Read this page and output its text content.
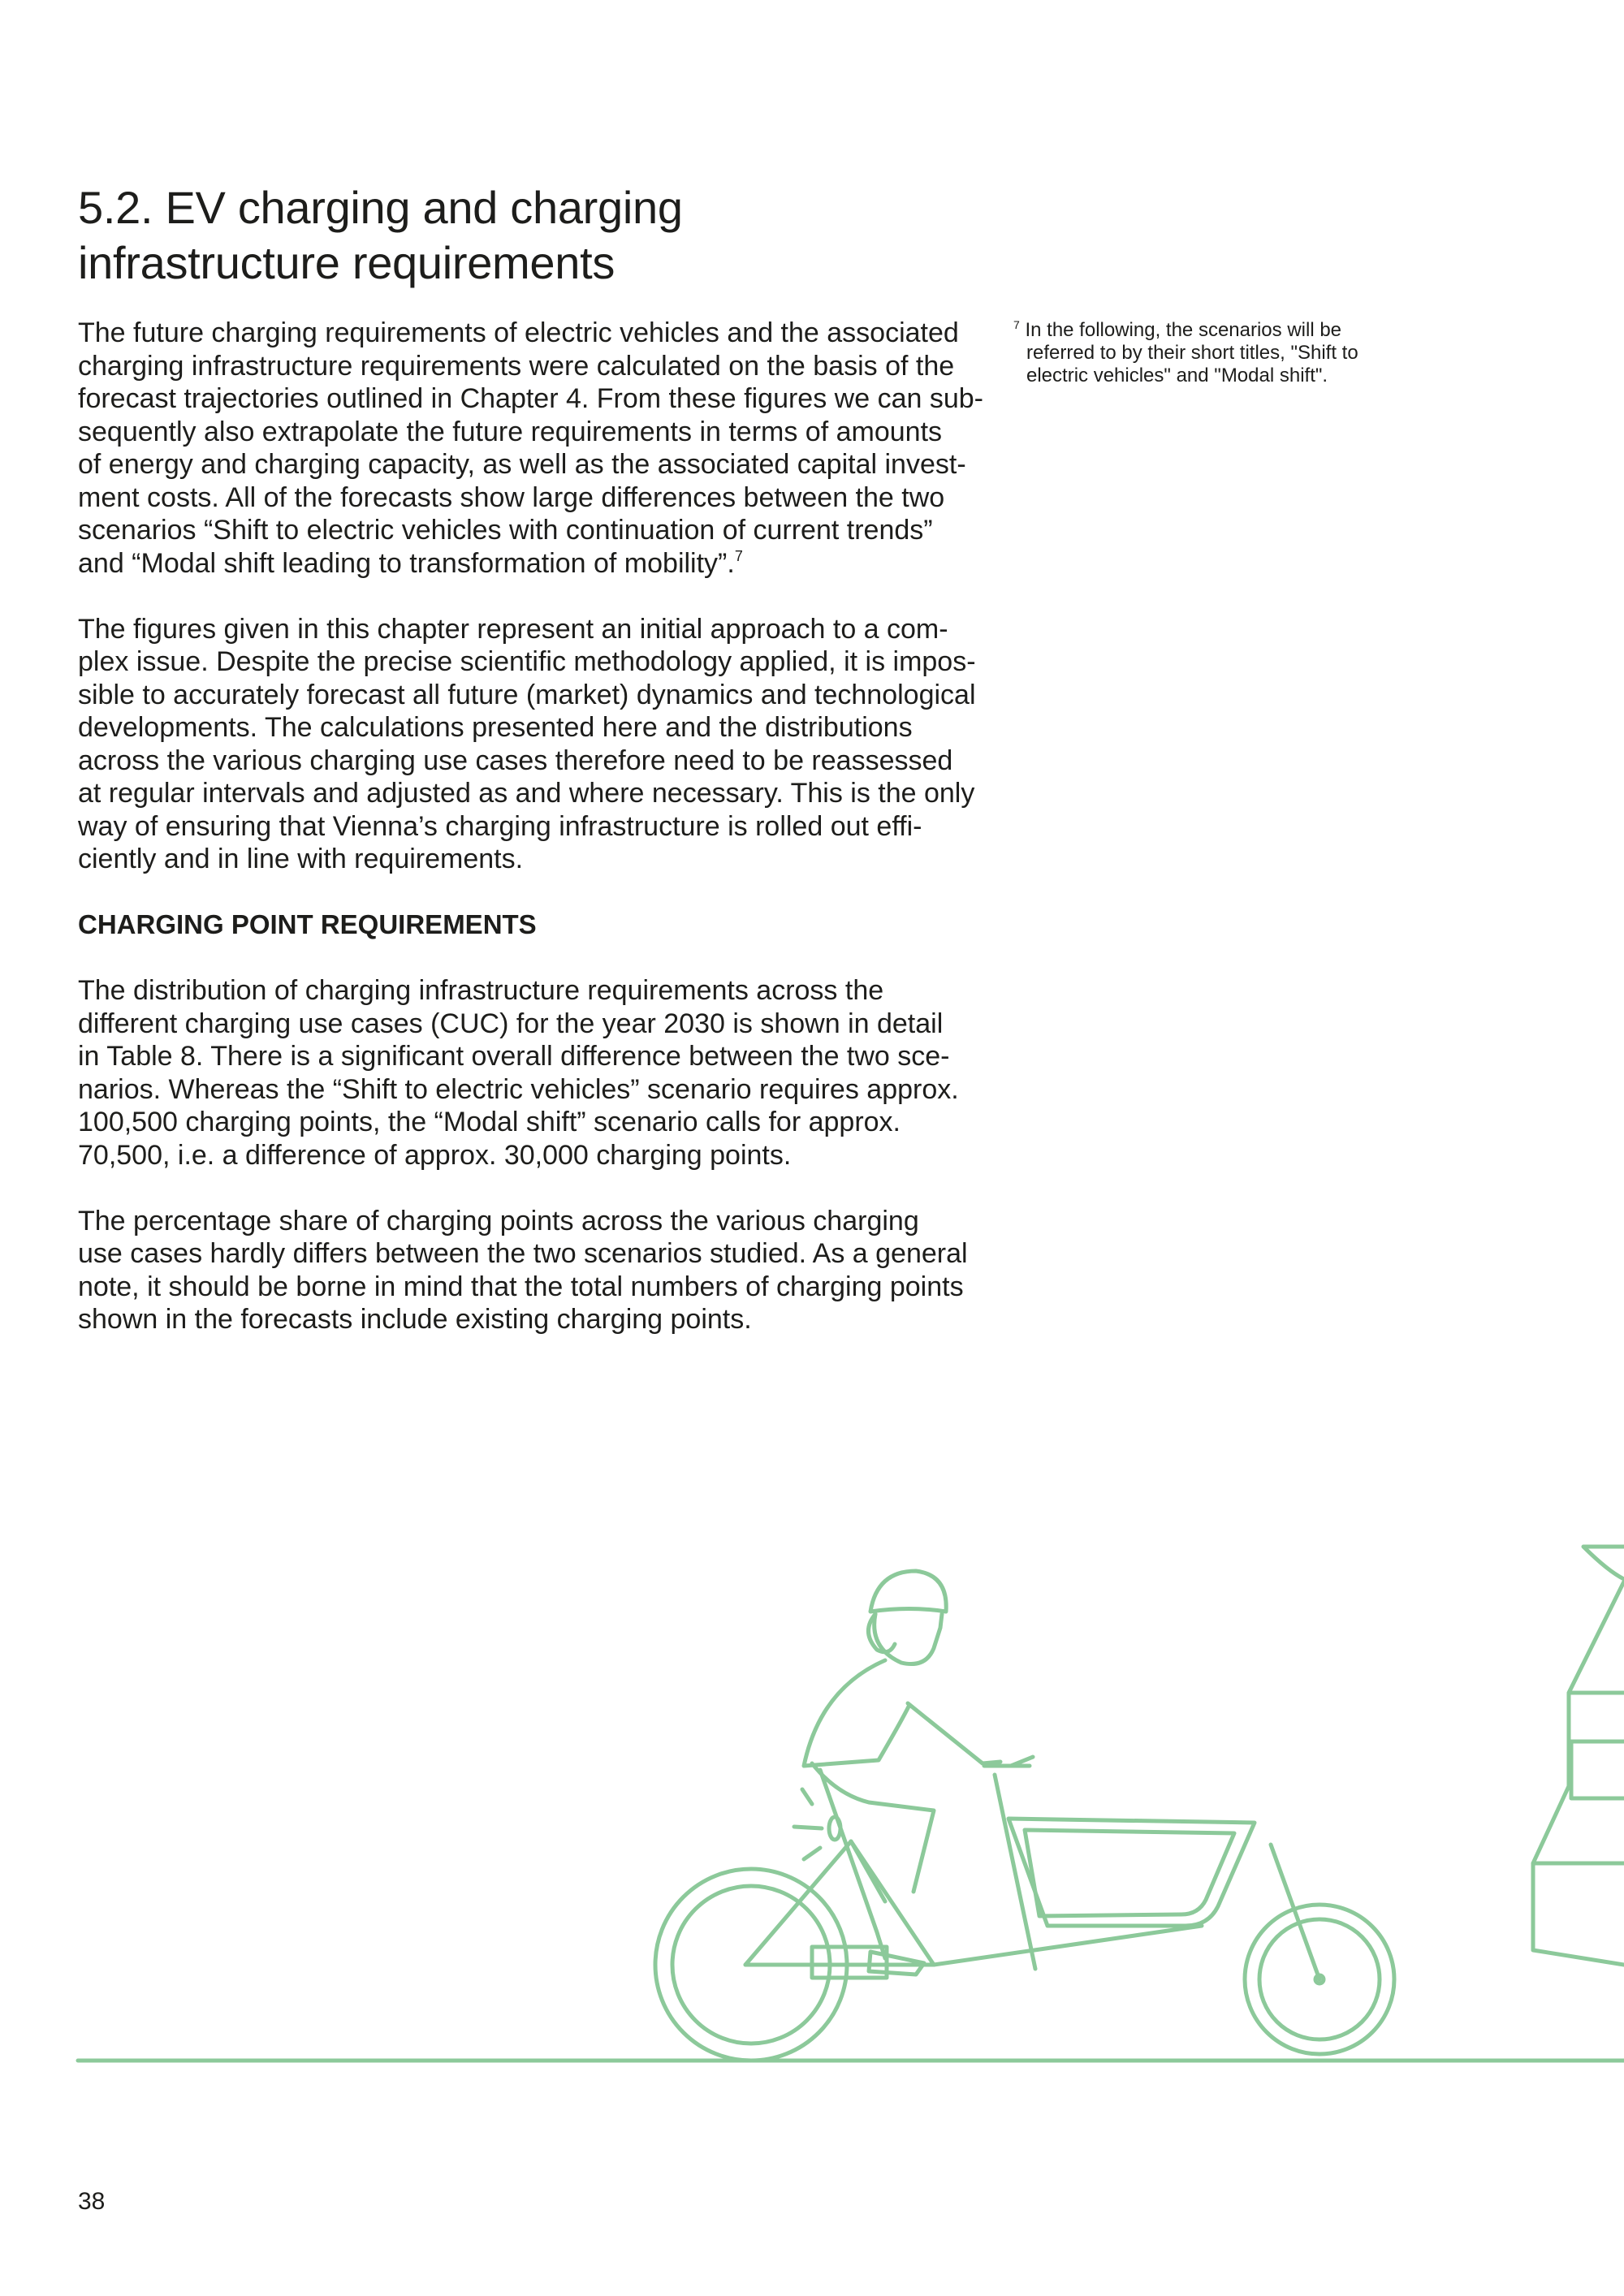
5.2. EV charging and charging
infrastructure requirements

The future charging requirements of electric vehicles and the associated
charging infrastructure requirements were calculated on the basis of the
forecast trajectories outlined in Chapter 4. From these figures we can sub-
sequently also extrapolate the future requirements in terms of amounts
of energy and charging capacity, as well as the associated capital invest-
ment costs. All of the forecasts show large differences between the two
scenarios “Shift to electric vehicles with continuation of current trends”
and “Modal shift leading to transformation of mobility”.$^7$

The figures given in this chapter represent an initial approach to a com-
plex issue. Despite the precise scientific methodology applied, it is impos-
sible to accurately forecast all future (market) dynamics and technological
developments. The calculations presented here and the distributions
across the various charging use cases therefore need to be reassessed
at regular intervals and adjusted as and where necessary. This is the only
way of ensuring that Vienna’s charging infrastructure is rolled out effi-
ciently and in line with requirements.

CHARGING POINT REQUIREMENTS

The distribution of charging infrastructure requirements across the
different charging use cases (CUC) for the year 2030 is shown in detail
in Table 8. There is a significant overall difference between the two sce-
narios. Whereas the “Shift to electric vehicles” scenario requires approx.
100,500 charging points, the “Modal shift” scenario calls for approx.
70,500, i.e. a difference of approx. 30,000 charging points.

The percentage share of charging points across the various charging
use cases hardly differs between the two scenarios studied. As a general
note, it should be borne in mind that the total numbers of charging points
shown in the forecasts include existing charging points.

$^7$ In the following, the scenarios will be
referred to by their short titles, "Shift to
electric vehicles" and "Modal shift".
38
